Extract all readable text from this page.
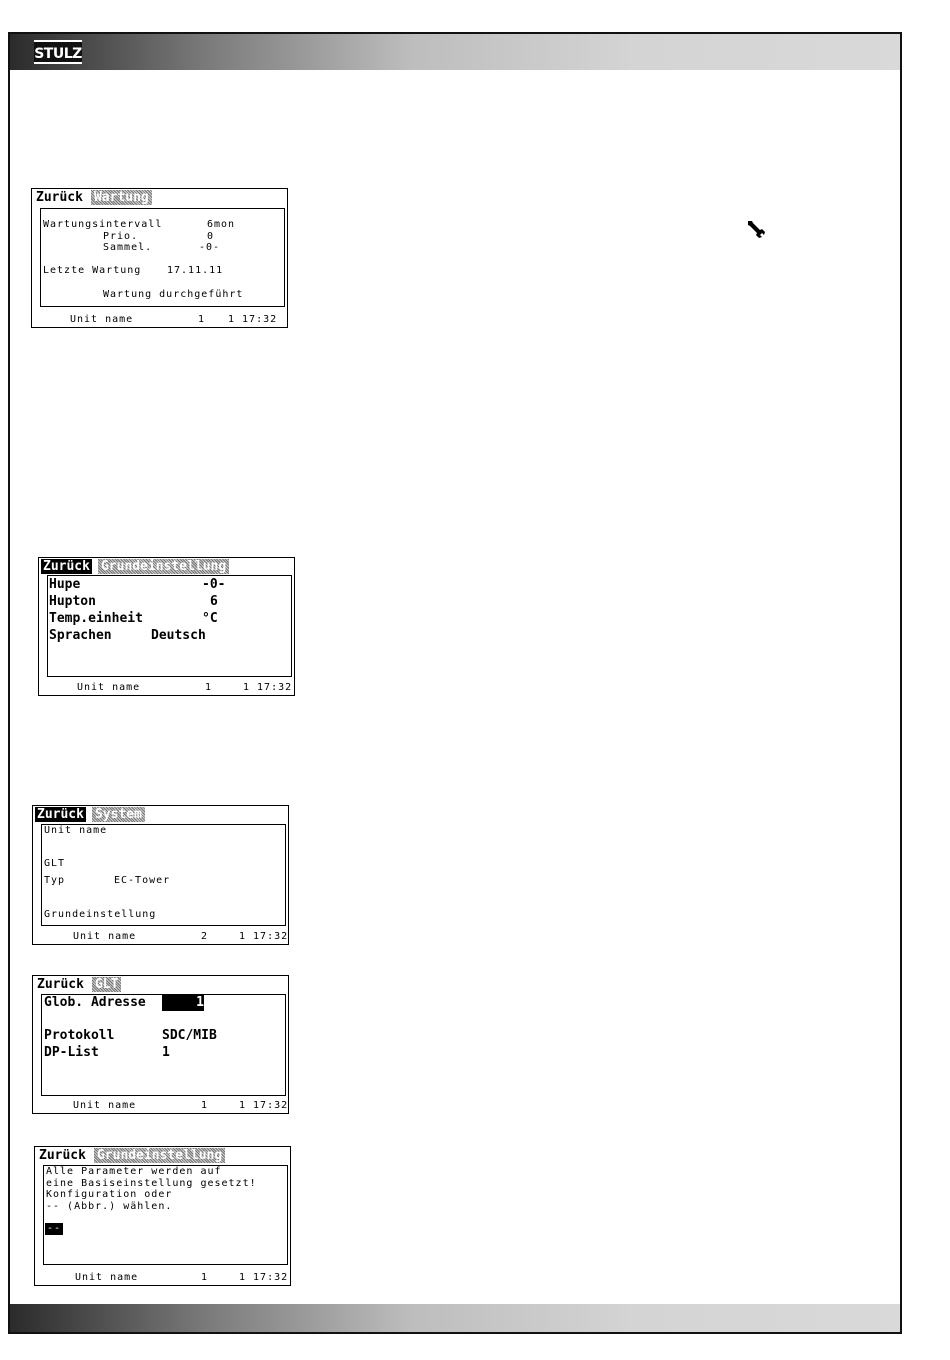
STULZ
Zurück Wartung
Wartungsintervall	6mon
Prio.	0
Sammel.	-0-
Letzte Wartung	17.11.11
Wartung durchgeführt
Unit name	1 1 17:32
Zurück Grundeinstellung
Hupe	-0-
Hupton	6
Temp.einheit	°C
Sprachen	Deutsch
Unit name	1	1 17:32
Zurück System
Unit name
GLT
Typ	EC-Tower
Grundeinstellung
Unit name	2	1 17:32
Zurück GLT
Glob. Adresse	1
Protokoll	SDC/MIB
DP-List	1
Unit name	1	1 17:32
Zurück Grundeinstellung
Alle Parameter werden auf
eine Basiseinstellung gesetzt!
Konfiguration oder
-- (Abbr.) wählen.
--
Unit name	1	1 17:32
